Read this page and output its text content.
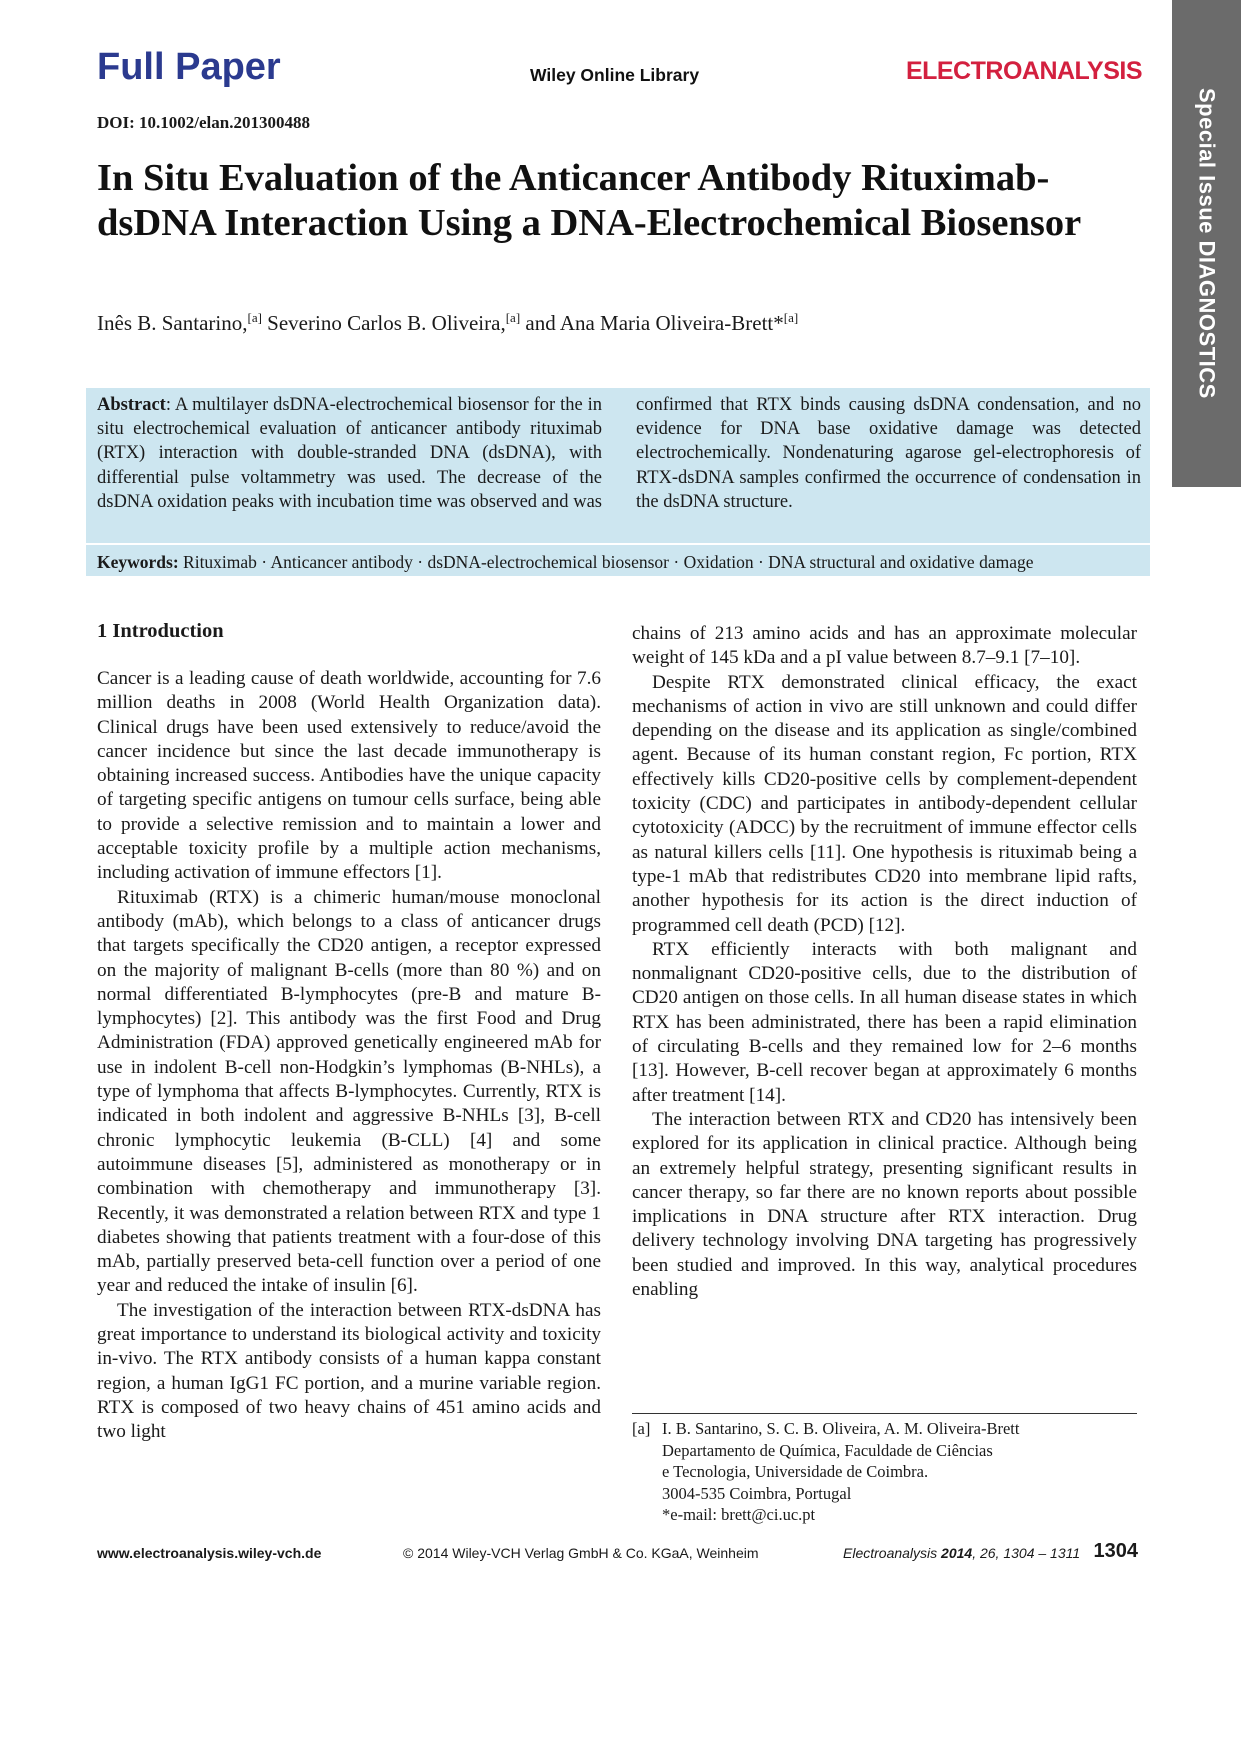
Full Paper	Wiley Online Library	ELECTROANALYSIS
DOI: 10.1002/elan.201300488	Special Issue DIAGNOSTICS
In Situ Evaluation of the Anticancer Antibody Rituximab-dsDNA Interaction Using a DNA-Electrochemical Biosensor
Inês B. Santarino,[a] Severino Carlos B. Oliveira,[a] and Ana Maria Oliveira-Brett*[a]

Abstract: A multilayer dsDNA-electrochemical biosensor for the in situ electrochemical evaluation of anticancer antibody rituximab (RTX) interaction with double-stranded DNA (dsDNA), with differential pulse voltammetry was used. The decrease of the dsDNA oxidation peaks with incubation time was observed and was confirmed that RTX binds causing dsDNA condensation, and no evidence for DNA base oxidative damage was detected electrochemically. Nondenaturing agarose gel-electrophoresis of RTX-dsDNA samples confirmed the occurrence of condensation in the dsDNA structure.

Keywords: Rituximab · Anticancer antibody · dsDNA-electrochemical biosensor · Oxidation · DNA structural and oxidative damage
1 Introduction

Cancer is a leading cause of death worldwide, accounting for 7.6 million deaths in 2008 (World Health Organization data). Clinical drugs have been used extensively to reduce/avoid the cancer incidence but since the last decade immunotherapy is obtaining increased success. Antibodies have the unique capacity of targeting specific antigens on tumour cells surface, being able to provide a selective remission and to maintain a lower and acceptable toxicity profile by a multiple action mechanisms, including activation of immune effectors [1].

Rituximab (RTX) is a chimeric human/mouse monoclonal antibody (mAb), which belongs to a class of anticancer drugs that targets specifically the CD20 antigen, a receptor expressed on the majority of malignant B-cells (more than 80 %) and on normal differentiated B-lymphocytes (pre-B and mature B-lymphocytes) [2]. This antibody was the first Food and Drug Administration (FDA) approved genetically engineered mAb for use in indolent B-cell non-Hodgkin’s lymphomas (B-NHLs), a type of lymphoma that affects B-lymphocytes. Currently, RTX is indicated in both indolent and aggressive B-NHLs [3], B-cell chronic lymphocytic leukemia (B-CLL) [4] and some autoimmune diseases [5], administered as monotherapy or in combination with chemotherapy and immunotherapy [3]. Recently, it was demonstrated a relation between RTX and type 1 diabetes showing that patients treatment with a four-dose of this mAb, partially preserved beta-cell function over a period of one year and reduced the intake of insulin [6].

The investigation of the interaction between RTX-dsDNA has great importance to understand its biological activity and toxicity in-vivo. The RTX antibody consists of a human kappa constant region, a human IgG1 FC portion, and a murine variable region. RTX is composed of two heavy chains of 451 amino acids and two light

chains of 213 amino acids and has an approximate molecular weight of 145 kDa and a pI value between 8.7–9.1 [7–10].

Despite RTX demonstrated clinical efficacy, the exact mechanisms of action in vivo are still unknown and could differ depending on the disease and its application as single/combined agent. Because of its human constant region, Fc portion, RTX effectively kills CD20-positive cells by complement-dependent toxicity (CDC) and participates in antibody-dependent cellular cytotoxicity (ADCC) by the recruitment of immune effector cells as natural killers cells [11]. One hypothesis is rituximab being a type-1 mAb that redistributes CD20 into membrane lipid rafts, another hypothesis for its action is the direct induction of programmed cell death (PCD) [12].

RTX efficiently interacts with both malignant and nonmalignant CD20-positive cells, due to the distribution of CD20 antigen on those cells. In all human disease states in which RTX has been administrated, there has been a rapid elimination of circulating B-cells and they remained low for 2–6 months [13]. However, B-cell recover began at approximately 6 months after treatment [14].

The interaction between RTX and CD20 has intensively been explored for its application in clinical practice. Although being an extremely helpful strategy, presenting significant results in cancer therapy, so far there are no known reports about possible implications in DNA structure after RTX interaction. Drug delivery technology involving DNA targeting has progressively been studied and improved. In this way, analytical procedures enabling

[a] I. B. Santarino, S. C. B. Oliveira, A. M. Oliveira-Brett
Departamento de Química, Faculdade de Ciências
e Tecnologia, Universidade de Coimbra.
3004-535 Coimbra, Portugal
*e-mail: brett@ci.uc.pt
www.electroanalysis.wiley-vch.de	© 2014 Wiley-VCH Verlag GmbH & Co. KGaA, Weinheim	Electroanalysis 2014, 26, 1304 – 1311 1304
